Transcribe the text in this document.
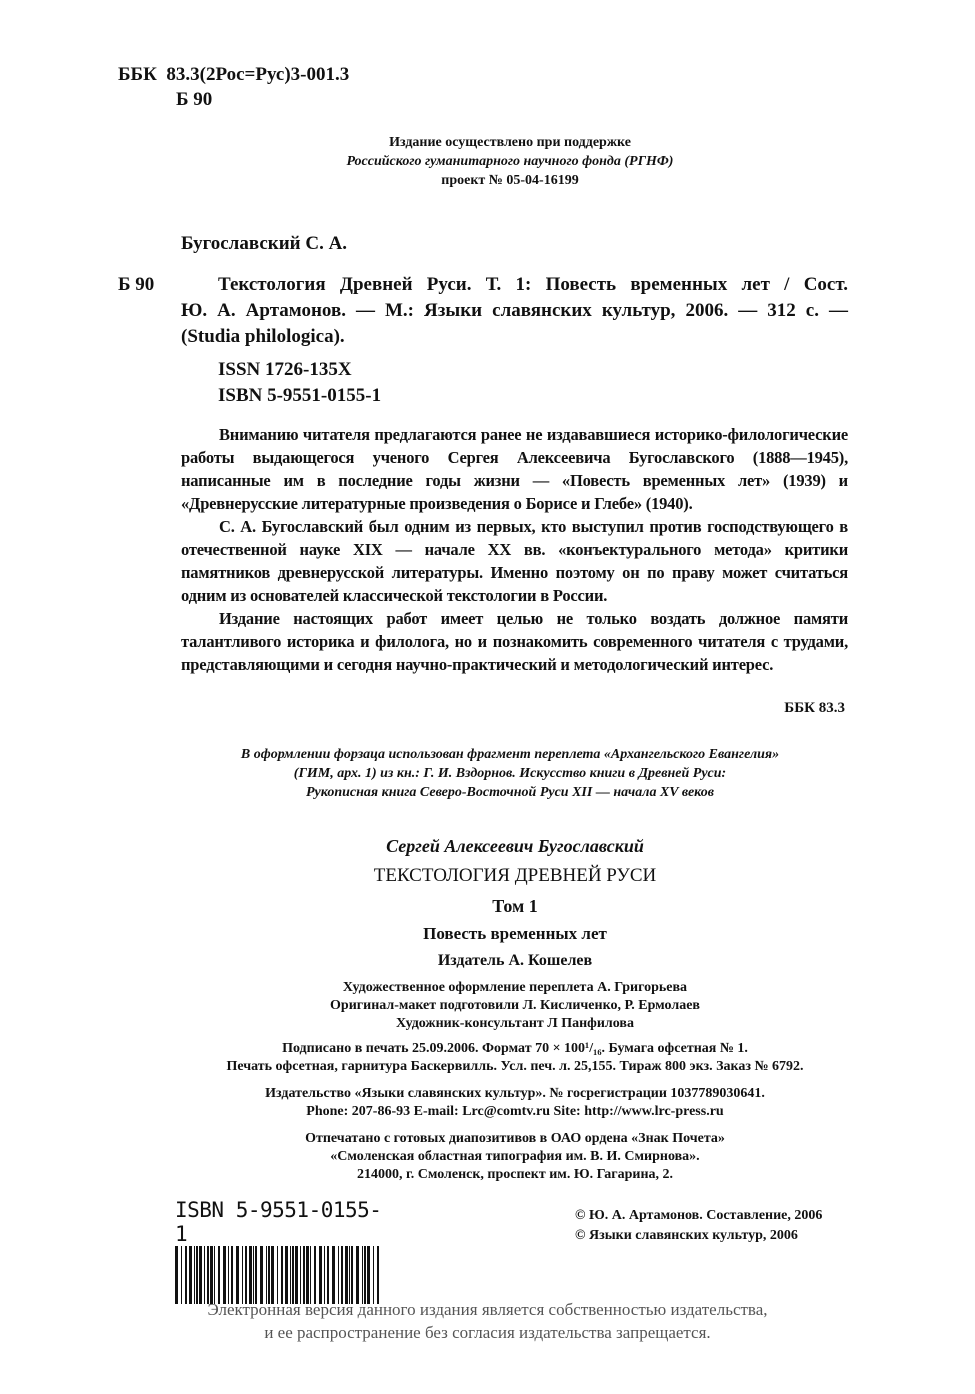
ББК 83.3(2Рос=Рус)3-001.3
Б 90
Издание осуществлено при поддержке
Российского гуманитарного научного фонда (РГНФ)
проект № 05-04-16199
Бугославский С. А.
Б 90	Текстология Древней Руси. Т. 1: Повесть временных лет / Сост.
Ю. А. Артамонов. — М.: Языки славянских культур, 2006. — 312 с. —
(Studia philologica).
ISSN 1726-135X
ISBN 5-9551-0155-1

Вниманию читателя предлагаются ранее не издававшиеся историко-филологические работы выдающегося ученого Сергея Алексеевича Бугославского (1888—1945), написанные им в последние годы жизни — «Повесть временных лет» (1939) и «Древнерусские литературные произведения о Борисе и Глебе» (1940).

С. А. Бугославский был одним из первых, кто выступил против господствующего в отечественной науке XIX — начале XX вв. «конъектурального метода» критики памятников древнерусской литературы. Именно поэтому он по праву может считаться одним из основателей классической текстологии в России.

Издание настоящих работ имеет целью не только воздать должное памяти талантливого историка и филолога, но и познакомить современного читателя с трудами, представляющими и сегодня научно-практический и методологический интерес.

ББК 83.3
В оформлении форзаца использован фрагмент переплета «Архангельского Евангелия»
(ГИМ, арх. 1) из кн.: Г. И. Вздорнов. Искусство книги в Древней Руси:
Рукописная книга Северо-Восточной Руси XII — начала XV веков
Сергей Алексеевич Бугославский
ТЕКСТОЛОГИЯ ДРЕВНЕЙ РУСИ
Том 1
Повесть временных лет
Издатель А. Кошелев
Художественное оформление переплета А. Григорьева
Оригинал-макет подготовили Л. Кисличенко, Р. Ермолаев
Художник-консультант Л Панфилова
Подписано в печать 25.09.2006. Формат 70 × 100¹/₁₆. Бумага офсетная № 1.
Печать офсетная, гарнитура Баскервилль. Усл. печ. л. 25,155. Тираж 800 экз. Заказ № 6792.
Издательство «Языки славянских культур». № госрегистрации 1037789030641.
Phone: 207-86-93 E-mail: Lrc@comtv.ru Site: http://www.lrc-press.ru
Отпечатано с готовых диапозитивов в ОАО ордена «Знак Почета»
«Смоленская областная типография им. В. И. Смирнова».
214000, г. Смоленск, проспект им. Ю. Гагарина, 2.
ISBN 5-9551-0155-1
© Ю. А. Артамонов. Составление, 2006
© Языки славянских культур, 2006
Электронная версия данного издания является собственностью издательства,
и ее распространение без согласия издательства запрещается.
